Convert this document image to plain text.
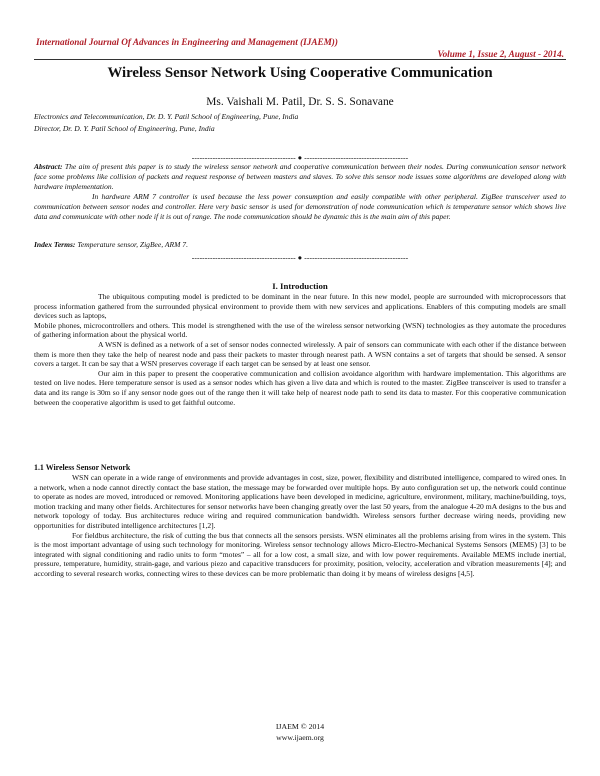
International Journal Of Advances in Engineering and Management (IJAEM))
Volume 1, Issue 2, August - 2014.
Wireless Sensor Network Using Cooperative Communication
Ms. Vaishali M. Patil, Dr. S. S. Sonavane
Electronics and Telecommunication, Dr. D. Y. Patil School of Engineering, Pune, India
Director, Dr. D. Y. Patil School of Engineering, Pune, India
---------------------------------------- ● ----------------------------------------

Abstract: The aim of present this paper is to study the wireless sensor network and cooperative communication between their nodes. During communication sensor network face some problems like collision of packets and request response of between masters and slaves. To solve this sensor node issues some algorithms are developed along with hardware implementation.

In hardware ARM 7 controller is used because the less power consumption and easily compatible with other peripheral. ZigBee transceiver used to communication between sensor nodes and controller. Here very basic sensor is used for demonstration of node communication which is temperature sensor which shows live data and communicate with other node if it is out of range. The node communication should be dynamic this is the main aim of this paper.

Index Terms: Temperature sensor, ZigBee, ARM 7.
---------------------------------------- ● ----------------------------------------
I. Introduction

The ubiquitous computing model is predicted to be dominant in the near future. In this new model, people are surrounded with microprocessors that process information gathered from the surrounded physical environment to provide them with new services and applications. Enablers of this computing models are small devices such as laptops,

Mobile phones, microcontrollers and others. This model is strengthened with the use of the wireless sensor networking (WSN) technologies as they automate the procedures of gathering information about the physical world.

A WSN is defined as a network of a set of sensor nodes connected wirelessly. A pair of sensors can communicate with each other if the distance between them is more then they take the help of nearest node and pass their packets to master through nearest path. A WSN contains a set of targets that should be sensed. A sensor covers a target. It can be say that a WSN preserves coverage if each target can be sensed by at least one sensor.

Our aim in this paper to present the cooperative communication and collision avoidance algorithm with hardware implementation. This algorithms are tested on live nodes. Here temperature sensor is used as a sensor nodes which has given a live data and which is routed to the master. ZigBee transceiver is used to transfer a data and its range is 30m so if any sensor node goes out of the range then it will take help of nearest node path to send its data to master. For this cooperative communication between the cooperative algorithm is used to get faithful outcome.

1.1 Wireless Sensor Network

WSN can operate in a wide range of environments and provide advantages in cost, size, power, flexibility and distributed intelligence, compared to wired ones. In a network, when a node cannot directly contact the base station, the message may be forwarded over multiple hops. By auto configuration set up, the network could continue to operate as nodes are moved, introduced or removed. Monitoring applications have been developed in medicine, agriculture, environment, military, machine/building, toys, motion tracking and many other fields. Architectures for sensor networks have been changing greatly over the last 50 years, from the analogue 4-20 mA designs to the bus and network topology of today. Bus architectures reduce wiring and required communication bandwidth. Wireless sensors further decrease wiring needs, providing new opportunities for distributed intelligence architectures [1,2].

For fieldbus architecture, the risk of cutting the bus that connects all the sensors persists. WSN eliminates all the problems arising from wires in the system. This is the most important advantage of using such technology for monitoring. Wireless sensor technology allows Micro-Electro-Mechanical Systems Sensors (MEMS) [3] to be integrated with signal conditioning and radio units to form “motes” – all for a low cost, a small size, and with low power requirements. Available MEMS include inertial, pressure, temperature, humidity, strain-gage, and various piezo and capacitive transducers for proximity, position, velocity, acceleration and vibration measurements [4]; and according to several research works, connecting wires to these devices can be more problematic than doing it by means of wireless designs [4,5].

IJAEM © 2014
www.ijaem.org
